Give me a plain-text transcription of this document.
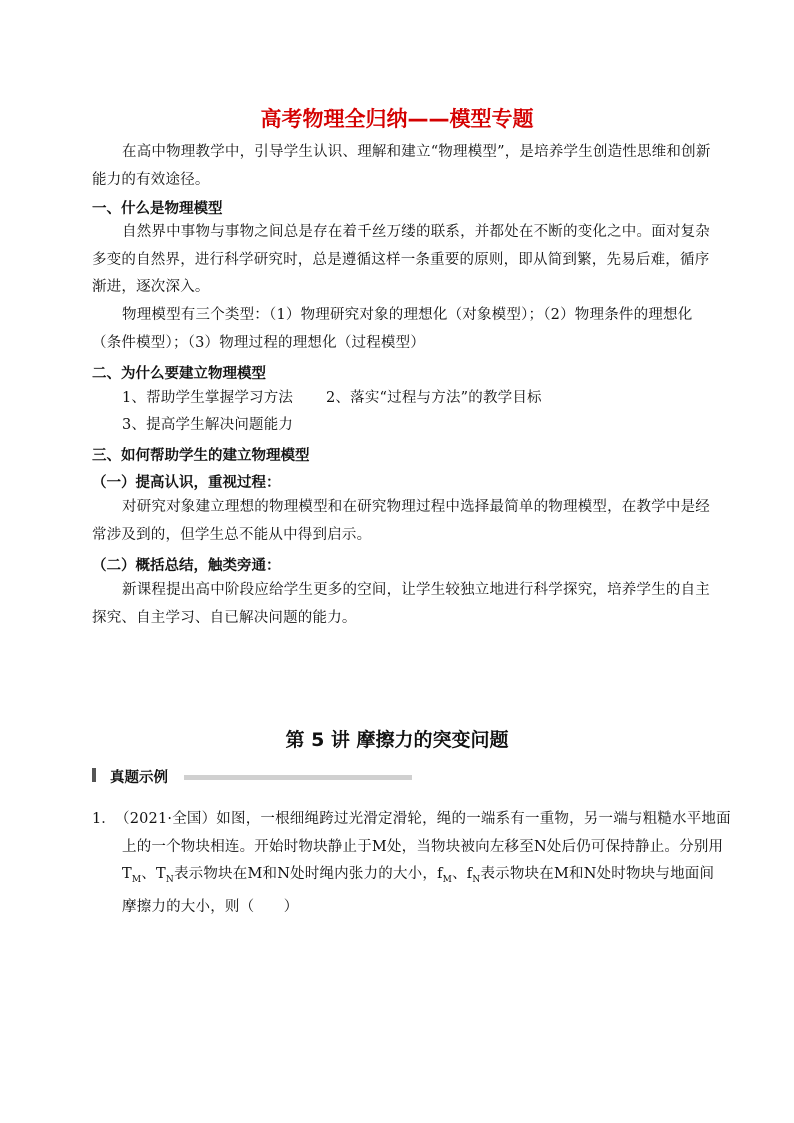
高考物理全归纳——模型专题
在高中物理教学中，引导学生认识、理解和建立“物理模型”，是培养学生创造性思维和创新能力的有效途径。
一、什么是物理模型
自然界中事物与事物之间总是存在着千丝万缕的联系，并都处在不断的变化之中。面对复杂多变的自然界，进行科学研究时，总是遵循这样一条重要的原则，即从简到繁，先易后难，循序渐进，逐次深入。
物理模型有三个类型：（1）物理研究对象的理想化（对象模型）；（2）物理条件的理想化（条件模型）；（3）物理过程的理想化（过程模型）
二、为什么要建立物理模型
1、帮助学生掌握学习方法 2、落实“过程与方法”的教学目标
3、提高学生解决问题能力
三、如何帮助学生的建立物理模型
（一）提高认识，重视过程：
对研究对象建立理想的物理模型和在研究物理过程中选择最简单的物理模型，在教学中是经常涉及到的，但学生总不能从中得到启示。
（二）概括总结，触类旁通：
新课程提出高中阶段应给学生更多的空间，让学生较独立地进行科学探究，培养学生的自主探究、自主学习、自已解决问题的能力。
第 5 讲 摩擦力的突变问题
真题示例
1． （2021·全国）如图，一根细绳跨过光滑定滑轮，绳的一端系有一重物，另一端与粗糙水平地面
上的一个物块相连。开始时物块静止于M处，当物块被向左移至N处后仍可保持静止。分别用
$T_M$、$T_N$表示物块在M和N处时绳内张力的大小，$f_M$、$f_N$表示物块在M和N处时物块与地面间
摩擦力的大小，则（　　）
